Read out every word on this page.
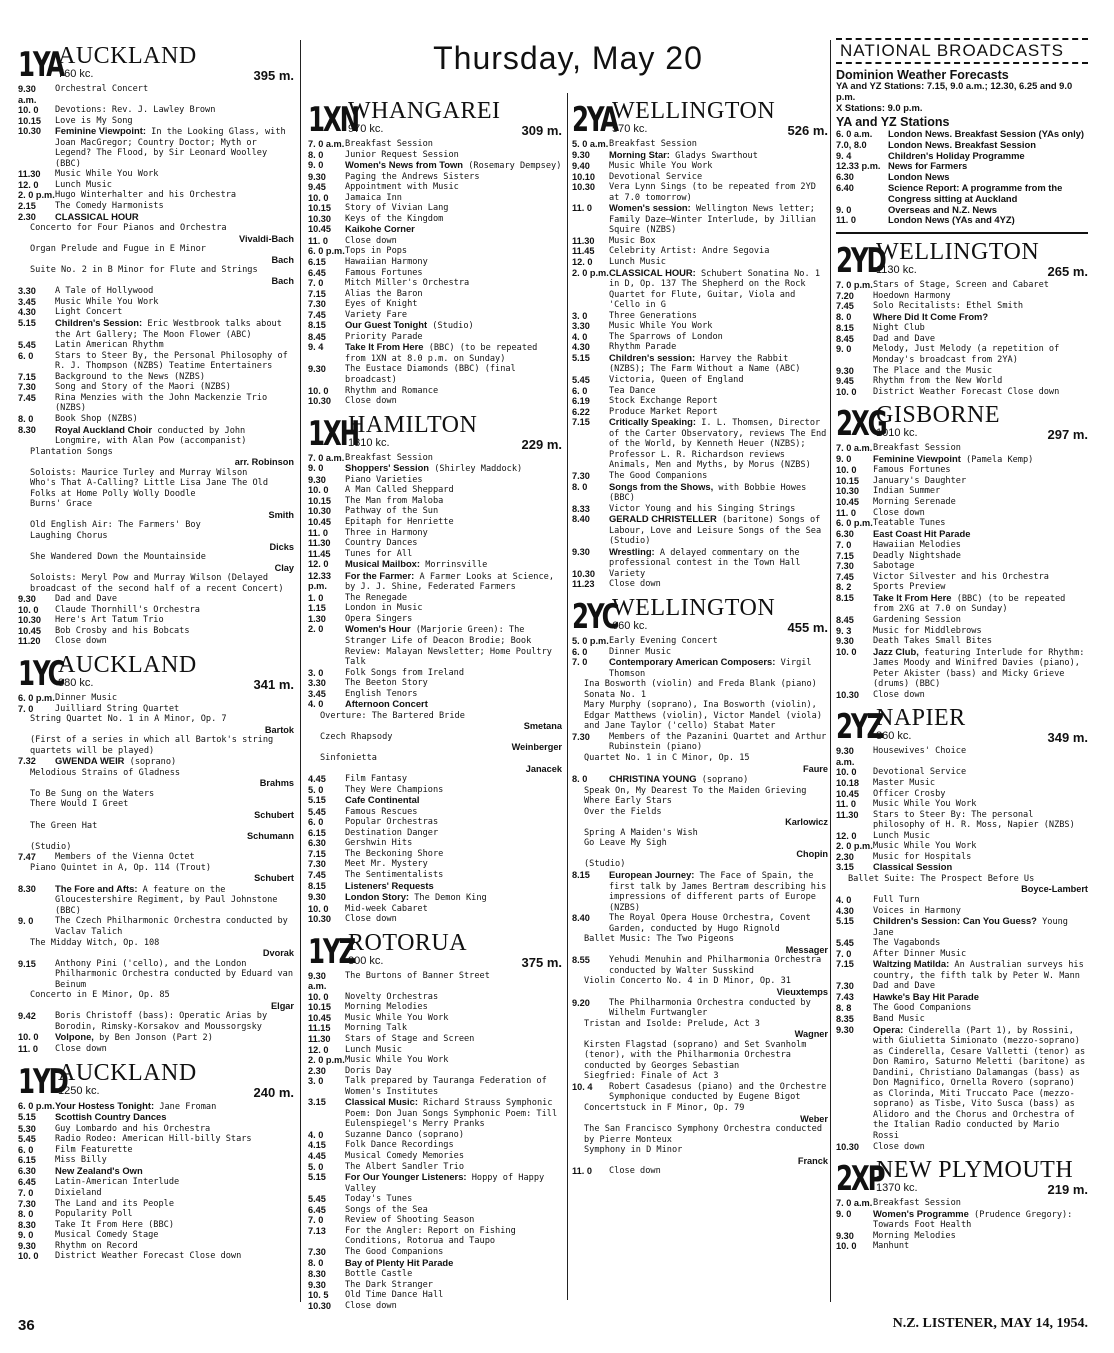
Thursday, May 20
1YA
AUCKLAND
760 kc.	395 m.
9.30 a.m.
Orchestral Concert
10. 0	Devotions: Rev. J. Lawley Brown
10.15	Love is My Song
10.30	Feminine Viewpoint: In the Looking Glass, with Joan MacGregor; Country Doctor; Myth or Legend? The Flood, by Sir Leonard Woolley (BBC)
11.30	Music While You Work
12. 0	Lunch Music
2. 0 p.m. Hugo Winterhalter and his Orchestra
2.15	The Comedy Harmonists
2.30	CLASSICAL HOUR
Concerto for Four Pianos and Orchestra
Vivaldi-Bach
Organ Prelude and Fugue in E Minor
Bach
Suite No. 2 in B Minor for Flute and Strings
Bach
3.30	A Tale of Hollywood
3.45	Music While You Work
4.30	Light Concert
5.15	Children's Session: Eric Westbrook talks about the Art Gallery; The Moon Flower (ABC)
5.45	Latin American Rhythm
6. 0	Stars to Steer By, the Personal Philosophy of R. J. Thompson (NZBS) Teatime Entertainers
7.15	Background to the News (NZBS)
7.30	Song and Story of the Maori (NZBS)
7.45	Rina Menzies with the John Mackenzie Trio (NZBS)
8. 0	Book Shop (NZBS)
8.30	Royal Auckland Choir conducted by John Longmire, with Alan Pow (accompanist)
Plantation Songs
arr. Robinson
Soloists: Maurice Turley and Murray Wilson
Who's That A-Calling? Little Lisa Jane The Old Folks at Home Polly Wolly Doodle
Burns' Grace
Smith
Old English Air: The Farmers' Boy
Laughing Chorus
Dicks
She Wandered Down the Mountainside
Clay
Soloists: Meryl Pow and Murray Wilson (Delayed broadcast of the second half of a recent Concert)
9.30	Dad and Dave
10. 0	Claude Thornhill's Orchestra
10.30	Here's Art Tatum Trio
10.45	Bob Crosby and his Bobcats
11.20	Close down
1YC
AUCKLAND
880 kc.	341 m.
6. 0 p.m. Dinner Music
7. 0	Juilliard String Quartet
String Quartet No. 1 in A Minor, Op. 7
Bartok
(First of a series in which all Bartok's string quartets will be played)
7.32	GWENDA WEIR (soprano)
Melodious Strains of Gladness
Brahms
To Be Sung on the Waters
There Would I Greet
Schubert
The Green Hat
Schumann
(Studio)
7.47	Members of the Vienna Octet
Piano Quintet in A, Op. 114 (Trout)
Schubert
8.30	The Fore and Afts: A feature on the Gloucestershire Regiment, by Paul Johnstone (BBC)
9. 0	The Czech Philharmonic Orchestra conducted by Vaclav Talich
The Midday Witch, Op. 108
Dvorak
9.15	Anthony Pini ('cello), and the London Philharmonic Orchestra conducted by Eduard van Beinum
Concerto in E Minor, Op. 85
Elgar
9.42	Boris Christoff (bass): Operatic Arias by Borodin, Rimsky-Korsakov and Moussorgsky
10. 0	Volpone, by Ben Jonson (Part 2)
11. 0	Close down
1YD
AUCKLAND
1250 kc.	240 m.
6. 0 p.m. Your Hostess Tonight: Jane Froman
5.15	Scottish Country Dances
5.30	Guy Lombardo and his Orchestra
5.45	Radio Rodeo: American Hill-billy Stars
6. 0	Film Featurette
6.15	Miss Billy
6.30	New Zealand's Own
6.45	Latin-American Interlude
7. 0	Dixieland
7.30	The Land and its People
8. 0	Popularity Poll
8.30	Take It From Here (BBC)
9. 0	Musical Comedy Stage
9.30	Rhythm on Record
10. 0	District Weather Forecast Close down
1XN
WHANGAREI
970 kc.	309 m.
7. 0 a.m. Breakfast Session
8. 0	Junior Request Session
9. 0	Women's News from Town (Rosemary Dempsey)
9.30	Paging the Andrews Sisters
9.45	Appointment with Music
10. 0	Jamaica Inn
10.15	Story of Vivian Lang
10.30	Keys of the Kingdom
10.45	Kaikohe Corner
11. 0	Close down
6. 0 p.m. Tops in Pops
6.15	Hawaiian Harmony
6.45	Famous Fortunes
7. 0	Mitch Miller's Orchestra
7.15	Alias the Baron
7.30	Eyes of Knight
7.45	Variety Fare
8.15	Our Guest Tonight (Studio)
8.45	Priority Parade
9. 4	Take It From Here (BBC) (to be repeated from 1XN at 8.0 p.m. on Sunday)
9.30	The Eustace Diamonds (BBC) (final broadcast)
10. 0	Rhythm and Romance
10.30	Close down
1XH
HAMILTON
1310 kc.	229 m.
7. 0 a.m. Breakfast Session
9. 0	Shoppers' Session (Shirley Maddock)
9.30	Piano Varieties
10. 0	A Man Called Sheppard
10.15	The Man from Maloba
10.30	Pathway of the Sun
10.45	Epitaph for Henriette
11. 0	Three in Harmony
11.30	Country Dances
11.45	Tunes for All
12. 0	Musical Mailbox: Morrinsville
12.33 p.m.
For the Farmer: A Farmer Looks at Science, by J. J. Shine, Federated Farmers
1. 0	The Renegade
1.15	London in Music
1.30	Opera Singers
2. 0	Women's Hour (Marjorie Green): The Stranger Life of Deacon Brodie; Book Review: Malayan Newsletter; Home Poultry Talk
3. 0	Folk Songs from Ireland
3.30	The Beeton Story
3.45	English Tenors
4. 0	Afternoon Concert
Overture: The Bartered Bride
Smetana
Czech Rhapsody
Weinberger
Sinfonietta
Janacek
4.45	Film Fantasy
5. 0	They Were Champions
5.15	Cafe Continental
5.45	Famous Rescues
6. 0	Popular Orchestras
6.15	Destination Danger
6.30	Gershwin Hits
7.15	The Beckoning Shore
7.30	Meet Mr. Mystery
7.45	The Sentimentalists
8.15	Listeners' Requests
9.30	London Story: The Demon King
10. 0	Mid-week Cabaret
10.30	Close down
1YZ
ROTORUA
800 kc.	375 m.
9.30 a.m.
The Burtons of Banner Street
10. 0	Novelty Orchestras
10.15	Morning Melodies
10.45	Music While You Work
11.15	Morning Talk
11.30	Stars of Stage and Screen
12. 0	Lunch Music
2. 0 p.m. Music While You Work
2.30	Doris Day
3. 0	Talk prepared by Tauranga Federation of Women's Institutes
3.15	Classical Music: Richard Strauss Symphonic Poem: Don Juan Songs Symphonic Poem: Till Eulenspiegel's Merry Pranks
4. 0	Suzanne Danco (soprano)
4.15	Folk Dance Recordings
4.45	Musical Comedy Memories
5. 0	The Albert Sandler Trio
5.15	For Our Younger Listeners: Hoppy of Happy Valley
5.45	Today's Tunes
6.45	Songs of the Sea
7. 0	Review of Shooting Season
7.13	For the Angler: Report on Fishing Conditions, Rotorua and Taupo
7.30	The Good Companions
8. 0	Bay of Plenty Hit Parade
8.30	Bottle Castle
9.30	The Dark Stranger
10. 5	Old Time Dance Hall
10.30	Close down
2YA
WELLINGTON
570 kc.	526 m.
5. 0 a.m. Breakfast Session
9.30	Morning Star: Gladys Swarthout
9.40	Music While You Work
10.10	Devotional Service
10.30	Vera Lynn Sings (to be repeated from 2YD at 7.0 tomorrow)
11. 0	Women's session: Wellington News letter; Family Daze—Winter Interlude, by Jillian Squire (NZBS)
11.30	Music Box
11.45	Celebrity Artist: Andre Segovia
12. 0	Lunch Music
2. 0 p.m. CLASSICAL HOUR: Schubert Sonatina No. 1 in D, Op. 137 The Shepherd on the Rock Quartet for Flute, Guitar, Viola and 'Cello in G
3. 0	Three Generations
3.30	Music While You Work
4. 0	The Sparrows of London
4.30	Rhythm Parade
5.15	Children's session: Harvey the Rabbit (NZBS); The Farm Without a Name (ABC)
5.45	Victoria, Queen of England
6. 0	Tea Dance
6.19	Stock Exchange Report
6.22	Produce Market Report
7.15	Critically Speaking: I. L. Thomsen, Director of the Carter Observatory, reviews The End of the World, by Kenneth Heuer (NZBS); Professor L. R. Richardson reviews Animals, Men and Myths, by Morus (NZBS)
7.30	The Good Companions
8. 0	Songs from the Shows, with Bobbie Howes (BBC)
8.33	Victor Young and his Singing Strings
8.40	GERALD CHRISTELLER (baritone) Songs of Labour, Love and Leisure Songs of the Sea (Studio)
9.30	Wrestling: A delayed commentary on the professional contest in the Town Hall
10.30	Variety
11.23	Close down
2YC
WELLINGTON
660 kc.	455 m.
5. 0 p.m. Early Evening Concert
6. 0	Dinner Music
7. 0	Contemporary American Composers: Virgil Thomson
Ina Bosworth (violin) and Freda Blank (piano) Sonata No. 1
Mary Murphy (soprano), Ina Bosworth (violin), Edgar Matthews (violin), Victor Mandel (viola) and Jane Taylor ('cello) Stabat Mater
7.30	Members of the Pazanini Quartet and Arthur Rubinstein (piano)
Quartet No. 1 in C Minor, Op. 15
Faure
8. 0	CHRISTINA YOUNG (soprano)
Speak On, My Dearest To the Maiden Grieving Where Early Stars
Over the Fields
Karlowicz
Spring A Maiden's Wish
Go Leave My Sigh
Chopin
(Studio)
8.15	European Journey: The Face of Spain, the first talk by James Bertram describing his impressions of different parts of Europe (NZBS)
8.40	The Royal Opera House Orchestra, Covent Garden, conducted by Hugo Rignold
Ballet Music: The Two Pigeons
Messager
8.55	Yehudi Menuhin and Philharmonia Orchestra conducted by Walter Susskind
Violin Concerto No. 4 in D Minor, Op. 31
Vieuxtemps
9.20	The Philharmonia Orchestra conducted by Wilhelm Furtwangler
Tristan and Isolde: Prelude, Act 3
Wagner
Kirsten Flagstad (soprano) and Set Svanholm (tenor), with the Philharmonia Orchestra conducted by Georges Sebastian
Siegfried: Finale of Act 3
10. 4	Robert Casadesus (piano) and the Orchestre Symphonique conducted by Eugene Bigot
Concertstuck in F Minor, Op. 79
Weber
The San Francisco Symphony Orchestra conducted by Pierre Monteux
Symphony in D Minor
Franck
11. 0	Close down
NATIONAL BROADCASTS
Dominion Weather Forecasts
YA and YZ Stations: 7.15, 9.0 a.m.; 12.30, 6.25 and 9.0 p.m.
X Stations: 9.0 p.m.
YA and YZ Stations
6. 0 a.m.	London News. Breakfast Session (YAs only)
7.0, 8.0	London News. Breakfast Session
9. 4	Children's Holiday Programme
12.33 p.m. News for Farmers
6.30	London News
6.40	Science Report: A programme from the Congress sitting at Auckland
9. 0	Overseas and N.Z. News
11. 0	London News (YAs and 4YZ)
2YD
WELLINGTON
1130 kc.	265 m.
7. 0 p.m. Stars of Stage, Screen and Cabaret
7.20	Hoedown Harmony
7.45	Solo Recitalists: Ethel Smith
8. 0	Where Did It Come From?
8.15	Night Club
8.45	Dad and Dave
9. 0	Melody, Just Melody (a repetition of Monday's broadcast from 2YA)
9.30	The Place and the Music
9.45	Rhythm from the New World
10. 0	District Weather Forecast Close down
2XG
GISBORNE
1010 kc.	297 m.
7. 0 a.m. Breakfast Session
9. 0	Feminine Viewpoint (Pamela Kemp)
10. 0	Famous Fortunes
10.15	January's Daughter
10.30	Indian Summer
10.45	Morning Serenade
11. 0	Close down
6. 0 p.m. Teatable Tunes
6.30	East Coast Hit Parade
7. 0	Hawaiian Melodies
7.15	Deadly Nightshade
7.30	Sabotage
7.45	Victor Silvester and his Orchestra
8. 2	Sports Preview
8.15	Take It From Here (BBC) (to be repeated from 2XG at 7.0 on Sunday)
8.45	Gardening Session
9. 3	Music for Middlebrows
9.30	Death Takes Small Bites
10. 0	Jazz Club, featuring Interlude for Rhythm: James Moody and Winifred Davies (piano), Peter Akister (bass) and Micky Grieve (drums) (BBC)
10.30	Close down
2YZ
NAPIER
860 kc.	349 m.
9.30 a.m.
Housewives' Choice
10. 0	Devotional Service
10.18	Master Music
10.45	Officer Crosby
11. 0	Music While You Work
11.30	Stars to Steer By: The personal philosophy of H. R. Moss, Napier (NZBS)
12. 0	Lunch Music
2. 0 p.m. Music While You Work
2.30	Music for Hospitals
3.15	Classical Session
Ballet Suite: The Prospect Before Us
Boyce-Lambert
4. 0	Full Turn
4.30	Voices in Harmony
5.15	Children's Session: Can You Guess? Young Jane
5.45	The Vagabonds
7. 0	After Dinner Music
7.15	Waltzing Matilda: An Australian surveys his country, the fifth talk by Peter W. Mann
7.30	Dad and Dave
7.43	Hawke's Bay Hit Parade
8. 8	The Good Companions
8.35	Band Music
9.30	Opera: Cinderella (Part 1), by Rossini, with Giulietta Simionato (mezzo-soprano) as Cinderella, Cesare Valletti (tenor) as Don Ramiro, Saturno Meletti (baritone) as Dandini, Christiano Dalamangas (bass) as Don Magnifico, Ornella Rovero (soprano) as Clorinda, Miti Truccato Pace (mezzo-soprano) as Tisbe, Vito Susca (bass) as Alidoro and the Chorus and Orchestra of the Italian Radio conducted by Mario Rossi
10.30	Close down
2XP
NEW PLYMOUTH
1370 kc.	219 m.
7. 0 a.m. Breakfast Session
9. 0	Women's Programme (Prudence Gregory): Towards Foot Health
9.30	Morning Melodies
10. 0	Manhunt
36	N.Z. LISTENER, MAY 14, 1954.
